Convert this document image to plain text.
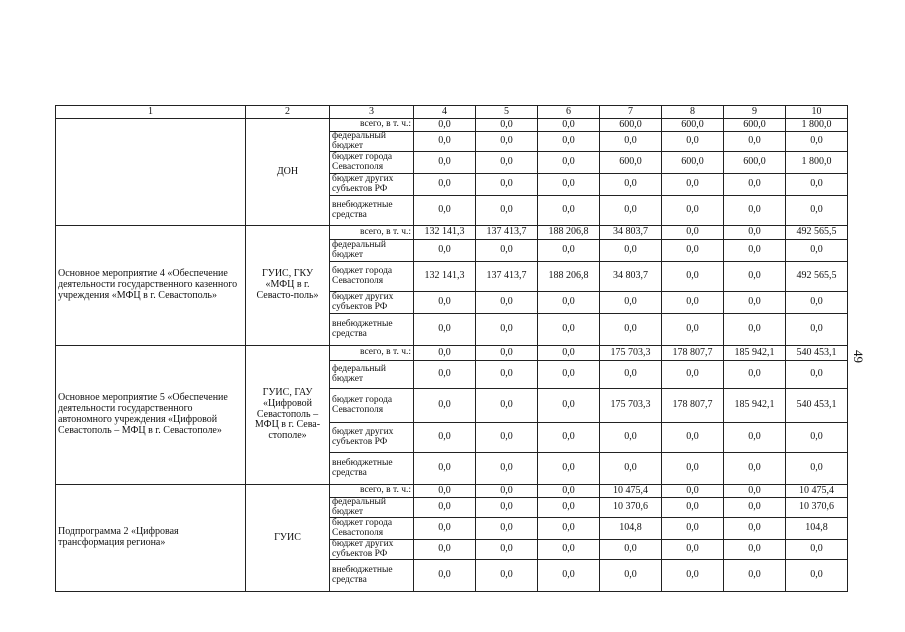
1	2	3	4	5	6	7	8	9	10
	ДОН	всего, в т. ч.:	0,0	0,0	0,0	600,0	600,0	600,0	1 800,0
		федеральный бюджет	0,0	0,0	0,0	0,0	0,0	0,0	0,0
		бюджет города Севастополя	0,0	0,0	0,0	600,0	600,0	600,0	1 800,0
		бюджет других субъектов РФ	0,0	0,0	0,0	0,0	0,0	0,0	0,0
		внебюджетные средства	0,0	0,0	0,0	0,0	0,0	0,0	0,0
Основное мероприятие 4 «Обеспечение деятельности государственного казенного учреждения «МФЦ в г. Севастополь»	ГУИС, ГКУ «МФЦ в г. Севасто-поль»	всего, в т. ч.:	132 141,3	137 413,7	188 206,8	34 803,7	0,0	0,0	492 565,5
		федеральный бюджет	0,0	0,0	0,0	0,0	0,0	0,0	0,0
		бюджет города Севастополя	132 141,3	137 413,7	188 206,8	34 803,7	0,0	0,0	492 565,5
		бюджет других субъектов РФ	0,0	0,0	0,0	0,0	0,0	0,0	0,0
		внебюджетные средства	0,0	0,0	0,0	0,0	0,0	0,0	0,0
Основное мероприятие 5 «Обеспечение деятельности государственного автономного учреждения «Цифровой Севастополь – МФЦ в г. Севастополе»	ГУИС, ГАУ «Цифровой Севастополь – МФЦ в г. Сева-стополе»	всего, в т. ч.:	0,0	0,0	0,0	175 703,3	178 807,7	185 942,1	540 453,1
		федеральный бюджет	0,0	0,0	0,0	0,0	0,0	0,0	0,0
		бюджет города Севастополя	0,0	0,0	0,0	175 703,3	178 807,7	185 942,1	540 453,1
		бюджет других субъектов РФ	0,0	0,0	0,0	0,0	0,0	0,0	0,0
		внебюджетные средства	0,0	0,0	0,0	0,0	0,0	0,0	0,0
Подпрограмма 2 «Цифровая трансформация региона»	ГУИС	всего, в т. ч.:	0,0	0,0	0,0	10 475,4	0,0	0,0	10 475,4
		федеральный бюджет	0,0	0,0	0,0	10 370,6	0,0	0,0	10 370,6
		бюджет города Севастополя	0,0	0,0	0,0	104,8	0,0	0,0	104,8
		бюджет других субъектов РФ	0,0	0,0	0,0	0,0	0,0	0,0	0,0
		внебюджетные средства	0,0	0,0	0,0	0,0	0,0	0,0	0,0
49
